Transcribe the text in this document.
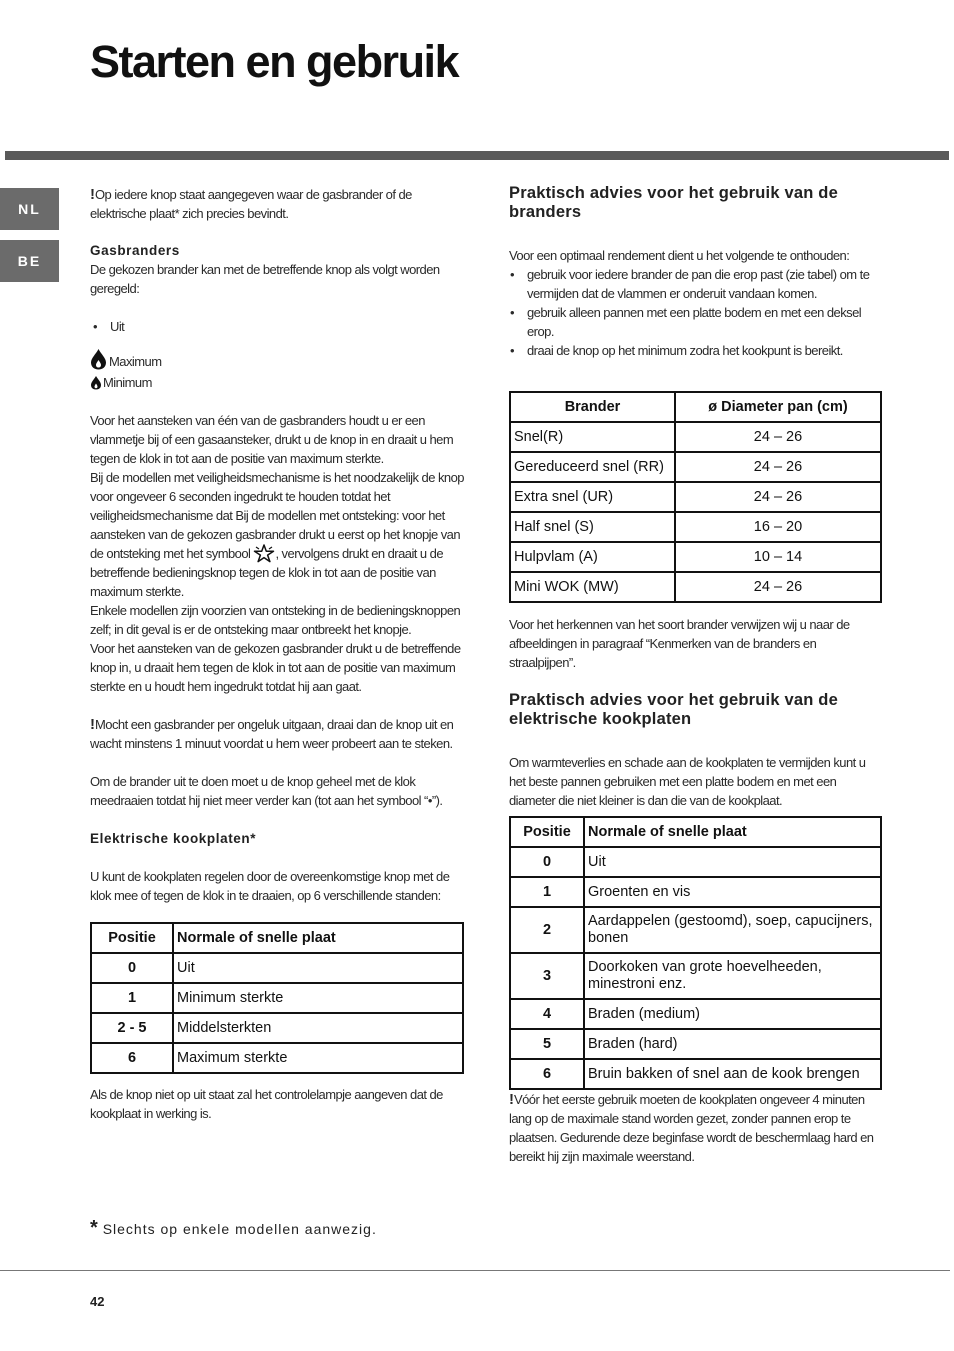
Starten en gebruik
NL
BE

!Op iedere knop staat aangegeven waar de gasbrander of de elektrische plaat* zich precies bevindt.

Gasbranders

De gekozen brander kan met de betreffende knop als volgt worden geregeld:

• Uit
Maximum
Minimum

Voor het aansteken van één van de gasbranders houdt u er een vlammetje bij of een gasaansteker, drukt u de knop in en draait u hem tegen de klok in tot aan de positie van maximum sterkte.

Bij de modellen met veiligheidsmechanisme is het noodzakelijk de knop voor ongeveer 6 seconden ingedrukt te houden totdat het veiligheidsmechanisme dat Bij de modellen met ontsteking: voor het aansteken van de gekozen gasbrander drukt u eerst op het knopje van de ontsteking met het symbool , vervolgens drukt en draait u de betreffende bedieningsknop tegen de klok in tot aan de positie van maximum sterkte.

Enkele modellen zijn voorzien van ontsteking in de bedieningsknoppen zelf; in dit geval is er de ontsteking maar ontbreekt het knopje.

Voor het aansteken van de gekozen gasbrander drukt u de betreffende knop in, u draait hem tegen de klok in tot aan de positie van maximum sterkte en u houdt hem ingedrukt totdat hij aan gaat.

!Mocht een gasbrander per ongeluk uitgaan, draai dan de knop uit en wacht minstens 1 minuut voordat u hem weer probeert aan te steken.

Om de brander uit te doen moet u de knop geheel met de klok meedraaien totdat hij niet meer verder kan (tot aan het symbool “•”).

Elektrische kookplaten*

U kunt de kookplaten regelen door de overeenkomstige knop met de klok mee of tegen de klok in te draaien, op 6 verschillende standen:

Positie	Normale of snelle plaat
0	Uit
1	Minimum sterkte
2 - 5	Middelsterkten
6	Maximum sterkte

Als de knop niet op uit staat zal het controlelampje aangeven dat de kookplaat in werking is.

Praktisch advies voor het gebruik van de branders

Voor een optimaal rendement dient u het volgende te onthouden:

• gebruik voor iedere brander de pan die erop past (zie tabel) om te vermijden dat de vlammen er onderuit vandaan komen.
• gebruik alleen pannen met een platte bodem en met een deksel erop.
• draai de knop op het minimum zodra het kookpunt is bereikt.
Brander	ø Diameter pan (cm)
Snel(R)	24 – 26
Gereduceerd snel (RR)	24 – 26
Extra snel (UR)	24 – 26
Half snel (S)	16 – 20
Hulpvlam (A)	10 – 14
Mini WOK (MW)	24 – 26

Voor het herkennen van het soort brander verwijzen wij u naar de afbeeldingen in paragraaf “Kenmerken van de branders en straalpijpen”.

Praktisch advies voor het gebruik van de elektrische kookplaten

Om warmteverlies en schade aan de kookplaten te vermijden kunt u het beste pannen gebruiken met een platte bodem en met een diameter die niet kleiner is dan die van de kookplaat.

Positie	Normale of snelle plaat
0	Uit
1	Groenten en vis
2	Aardappelen (gestoomd), soep, capucijners, bonen
3	Doorkoken van grote hoevelheeden, minestroni enz.
4	Braden (medium)
5	Braden (hard)
6	Bruin bakken of snel aan de kook brengen

!Vóór het eerste gebruik moeten de kookplaten ongeveer 4 minuten lang op de maximale stand worden gezet, zonder pannen erop te plaatsen. Gedurende deze beginfase wordt de beschermlaag hard en bereikt hij zijn maximale weerstand.

* Slechts op enkele modellen aanwezig.
42
